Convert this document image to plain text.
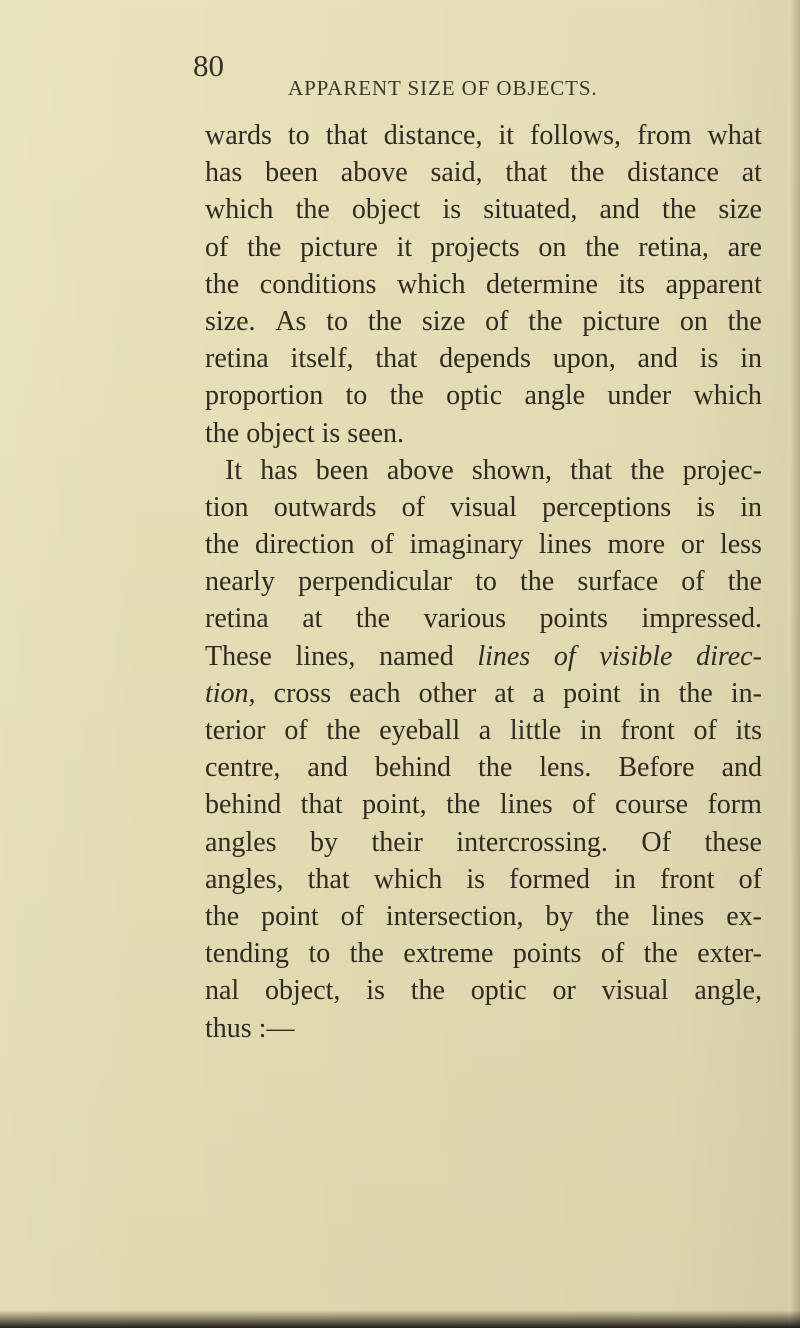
80
APPARENT SIZE OF OBJECTS.
wards to that distance, it follows, from what
has been above said, that the distance at
which the object is situated, and the size
of the picture it projects on the retina, are
the conditions which determine its apparent
size. As to the size of the picture on the
retina itself, that depends upon, and is in
proportion to the optic angle under which
the object is seen.
It has been above shown, that the projec-
tion outwards of visual perceptions is in
the direction of imaginary lines more or less
nearly perpendicular to the surface of the
retina at the various points impressed.
These lines, named lines of visible direc-
tion, cross each other at a point in the in-
terior of the eyeball a little in front of its
centre, and behind the lens. Before and
behind that point, the lines of course form
angles by their intercrossing. Of these
angles, that which is formed in front of
the point of intersection, by the lines ex-
tending to the extreme points of the exter-
nal object, is the optic or visual angle,
thus :—
